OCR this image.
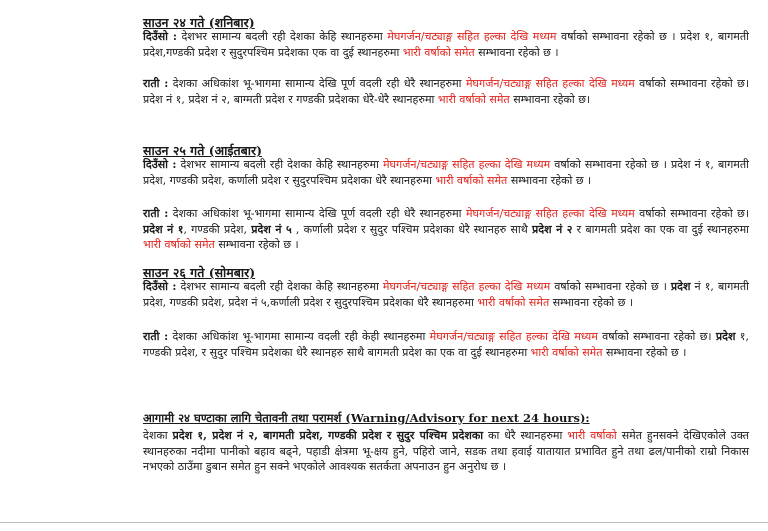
साउन २४ गते (शनिबार)
दिउँसो : देशभर सामान्य बदली रही देशका केहि स्थानहरुमा मेघगर्जन/चट्याङ्ग सहित हल्का देखि मध्यम वर्षाको सम्भावना रहेको छ । प्रदेश १, बागमती प्रदेश,गण्डकी प्रदेश र सुदुरपश्चिम प्रदेशका एक वा दुई स्थानहरुमा भारी वर्षाको समेत सम्भावना रहेको छ ।
राती : देशका अधिकांश भू-भागमा सामान्य देखि पूर्ण वदली रही धेरै स्थानहरुमा मेघगर्जन/चट्याङ्ग सहित हल्का देखि मध्यम वर्षाको सम्भावना रहेको छ। प्रदेश नं १, प्रदेश नं २, बाग्मती प्रदेश र गण्डकी प्रदेशका धेरै-धेरै स्थानहरुमा भारी वर्षाको समेत सम्भावना रहेको छ।
साउन २५ गते (आईतबार)
दिउँसो : देशभर सामान्य बदली रही देशका केहि स्थानहरुमा मेघगर्जन/चट्याङ्ग सहित हल्का देखि मध्यम वर्षाको सम्भावना रहेको छ । प्रदेश नं १, बागमती प्रदेश, गण्डकी प्रदेश, कर्णाली प्रदेश र सुदुरपश्चिम प्रदेशका धेरै स्थानहरुमा भारी वर्षाको समेत सम्भावना रहेको छ ।
राती : देशका अधिकांश भू-भागमा सामान्य देखि पूर्ण वदली रही धेरै स्थानहरुमा मेघगर्जन/चट्याङ्ग सहित हल्का देखि मध्यम वर्षाको सम्भावना रहेको छ। प्रदेश नं १, गण्डकी प्रदेश, प्रदेश नं ५ , कर्णाली प्रदेश र सुदुर पश्चिम प्रदेशका धेरै स्थानहरु साथै प्रदेश नं २ र बागमती प्रदेश का एक वा दुई स्थानहरुमा भारी वर्षाको समेत सम्भावना रहेको छ ।
साउन २६ गते (सोमबार)
दिउँसो : देशभर सामान्य बदली रही देशका केहि स्थानहरुमा मेघगर्जन/चट्याङ्ग सहित हल्का देखि मध्यम वर्षाको सम्भावना रहेको छ । प्रदेश नं १, बागमती प्रदेश, गण्डकी प्रदेश, प्रदेश नं ५,कर्णाली प्रदेश र सुदुरपश्चिम प्रदेशका धेरै स्थानहरुमा भारी वर्षाको समेत सम्भावना रहेको छ ।
राती : देशका अधिकांश भू-भागमा सामान्य वदली रही केही स्थानहरुमा मेघगर्जन/चट्याङ्ग सहित हल्का देखि मध्यम वर्षाको सम्भावना रहेको छ। प्रदेश १, गण्डकी प्रदेश, र सुदुर पश्चिम प्रदेशका धेरै स्थानहरु साथै बागमती प्रदेश का एक वा दुई स्थानहरुमा भारी वर्षाको समेत सम्भावना रहेको छ ।
आगामी २४ घण्टाका लागि चेतावनी तथा परामर्श (Warning/Advisory for next 24 hours):
देशका प्रदेश १, प्रदेश नं २, बागमती प्रदेश, गण्डकी प्रदेश र सुदुर पश्चिम प्रदेशका का धेरै स्थानहरुमा भारी वर्षाको समेत हुनसक्ने देखिएकोले उक्त स्थानहरुका नदीमा पानीको बहाव बढ्ने, पहाडी क्षेत्रमा भू-क्षय हुने, पहिरो जाने, सडक तथा हवाई यातायात प्रभावित हुने तथा ढल/पानीको राम्रो निकास नभएको ठाउँमा डुबान समेत हुन सक्ने भएकोले आवश्यक सतर्कता अपनाउन हुन अनुरोध छ ।
